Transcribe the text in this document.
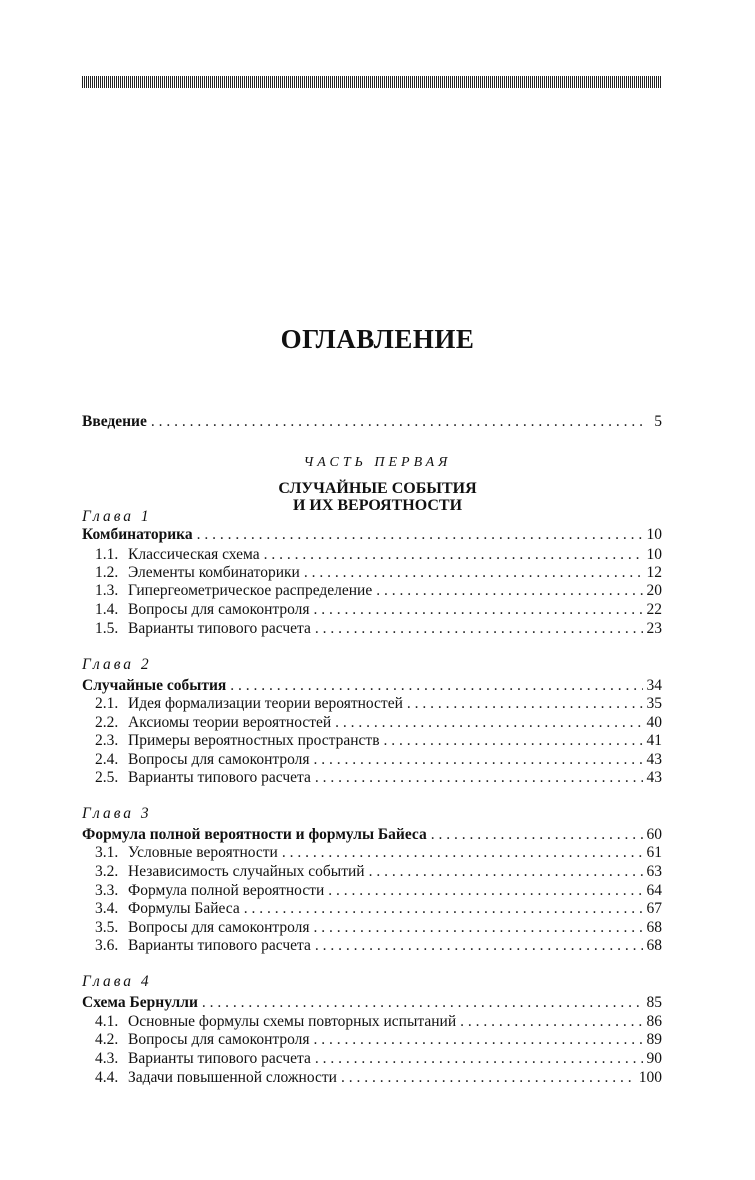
ОГЛАВЛЕНИЕ
Введение . . .	5
ЧАСТЬ ПЕРВАЯ
СЛУЧАЙНЫЕ СОБЫТИЯ
И ИХ ВЕРОЯТНОСТИ
Глава 1
Комбинаторика . . .	10
1.1. Классическая схема . . .	10
1.2. Элементы комбинаторики . . .	12
1.3. Гипергеометрическое распределение . . .	20
1.4. Вопросы для самоконтроля . . .	22
1.5. Варианты типового расчета . . .	23
Глава 2
Случайные события . . .	34
2.1. Идея формализации теории вероятностей . . .	35
2.2. Аксиомы теории вероятностей . . .	40
2.3. Примеры вероятностных пространств . . .	41
2.4. Вопросы для самоконтроля . . .	43
2.5. Варианты типового расчета . . .	43
Глава 3
Формула полной вероятности и формулы Байеса . . .	60
3.1. Условные вероятности . . .	61
3.2. Независимость случайных событий . . .	63
3.3. Формула полной вероятности . . .	64
3.4. Формулы Байеса . . .	67
3.5. Вопросы для самоконтроля . . .	68
3.6. Варианты типового расчета . . .	68
Глава 4
Схема Бернулли . . .	85
4.1. Основные формулы схемы повторных испытаний . . .	86
4.2. Вопросы для самоконтроля . . .	89
4.3. Варианты типового расчета . . .	90
4.4. Задачи повышенной сложности . . .	100
